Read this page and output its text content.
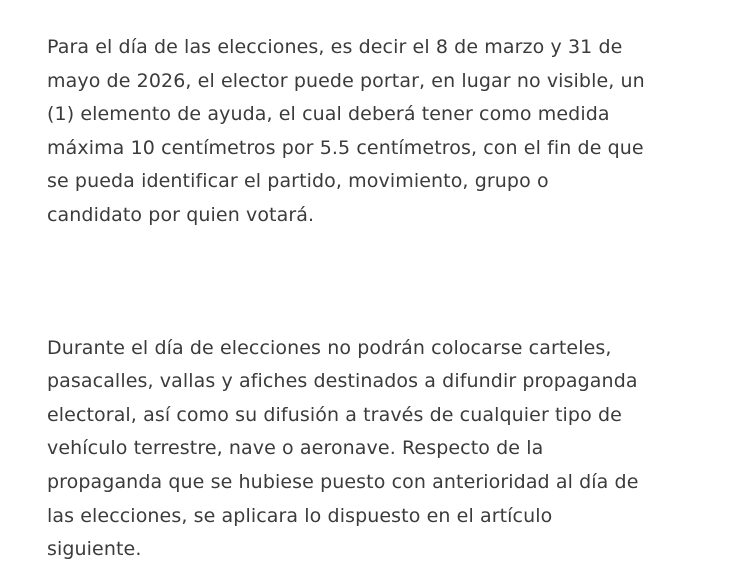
Para el día de las elecciones, es decir el 8 de marzo y 31 de
mayo de 2026, el elector puede portar, en lugar no visible, un
(1) elemento de ayuda, el cual deberá tener como medida
máxima 10 centímetros por 5.5 centímetros, con el fin de que
se pueda identificar el partido, movimiento, grupo o
candidato por quien votará.

Durante el día de elecciones no podrán colocarse carteles,
pasacalles, vallas y afiches destinados a difundir propaganda
electoral, así como su difusión a través de cualquier tipo de
vehículo terrestre, nave o aeronave. Respecto de la
propaganda que se hubiese puesto con anterioridad al día de
las elecciones, se aplicara lo dispuesto en el artículo
siguiente.
